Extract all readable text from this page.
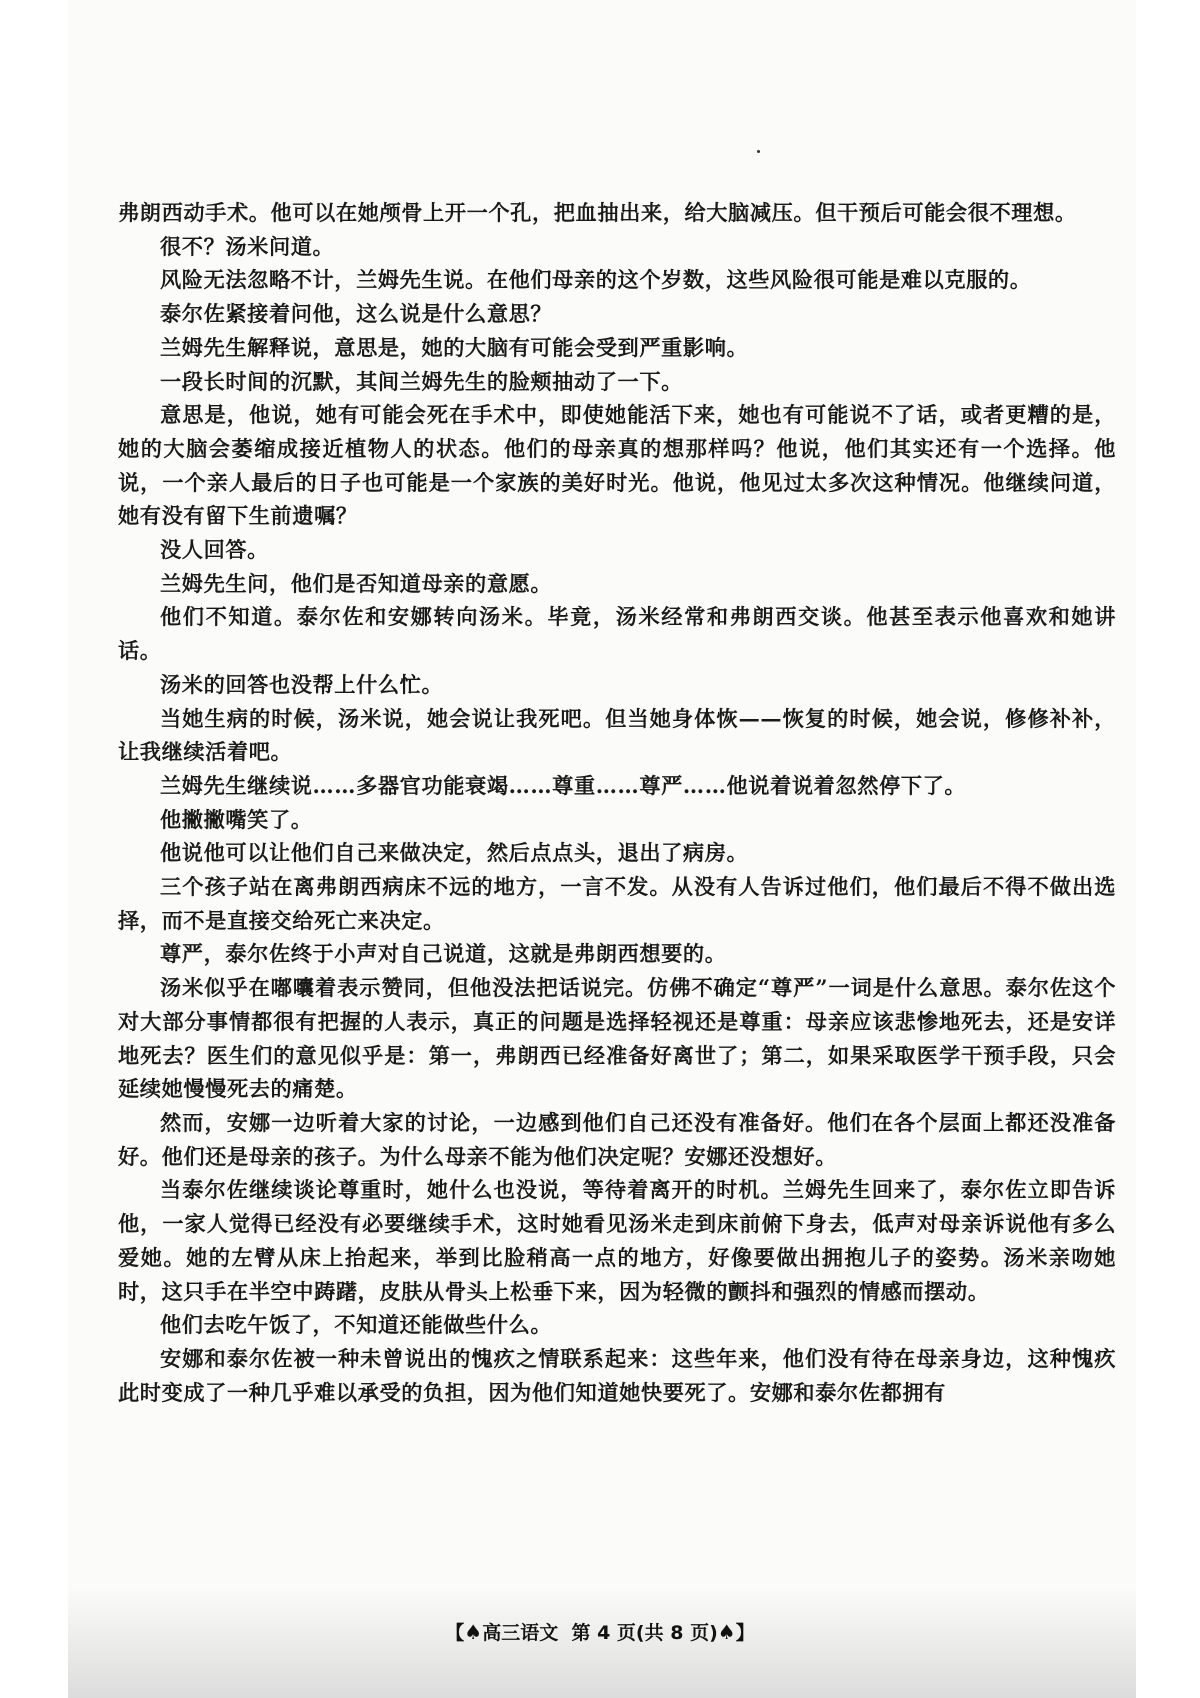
弗朗西动手术。他可以在她颅骨上开一个孔，把血抽出来，给大脑减压。但干预后可能会很不理想。

很不？汤米问道。

风险无法忽略不计，兰姆先生说。在他们母亲的这个岁数，这些风险很可能是难以克服的。

泰尔佐紧接着问他，这么说是什么意思？

兰姆先生解释说，意思是，她的大脑有可能会受到严重影响。

一段长时间的沉默，其间兰姆先生的脸颊抽动了一下。

意思是，他说，她有可能会死在手术中，即使她能活下来，她也有可能说不了话，或者更糟的是，她的大脑会萎缩成接近植物人的状态。他们的母亲真的想那样吗？他说，他们其实还有一个选择。他说，一个亲人最后的日子也可能是一个家族的美好时光。他说，他见过太多次这种情况。他继续问道，她有没有留下生前遗嘱？

没人回答。

兰姆先生问，他们是否知道母亲的意愿。

他们不知道。泰尔佐和安娜转向汤米。毕竟，汤米经常和弗朗西交谈。他甚至表示他喜欢和她讲话。

汤米的回答也没帮上什么忙。

当她生病的时候，汤米说，她会说让我死吧。但当她身体恢——恢复的时候，她会说，修修补补，让我继续活着吧。

兰姆先生继续说……多器官功能衰竭……尊重……尊严……他说着说着忽然停下了。

他撇撇嘴笑了。

他说他可以让他们自己来做决定，然后点点头，退出了病房。

三个孩子站在离弗朗西病床不远的地方，一言不发。从没有人告诉过他们，他们最后不得不做出选择，而不是直接交给死亡来决定。

尊严，泰尔佐终于小声对自己说道，这就是弗朗西想要的。

汤米似乎在嘟囔着表示赞同，但他没法把话说完。仿佛不确定“尊严”一词是什么意思。泰尔佐这个对大部分事情都很有把握的人表示，真正的问题是选择轻视还是尊重：母亲应该悲惨地死去，还是安详地死去？医生们的意见似乎是：第一，弗朗西已经准备好离世了；第二，如果采取医学干预手段，只会延续她慢慢死去的痛楚。

然而，安娜一边听着大家的讨论，一边感到他们自己还没有准备好。他们在各个层面上都还没准备好。他们还是母亲的孩子。为什么母亲不能为他们决定呢？安娜还没想好。

当泰尔佐继续谈论尊重时，她什么也没说，等待着离开的时机。兰姆先生回来了，泰尔佐立即告诉他，一家人觉得已经没有必要继续手术，这时她看见汤米走到床前俯下身去，低声对母亲诉说他有多么爱她。她的左臂从床上抬起来，举到比脸稍高一点的地方，好像要做出拥抱儿子的姿势。汤米亲吻她时，这只手在半空中踌躇，皮肤从骨头上松垂下来，因为轻微的颤抖和强烈的情感而摆动。

他们去吃午饭了，不知道还能做些什么。

安娜和泰尔佐被一种未曾说出的愧疚之情联系起来：这些年来，他们没有待在母亲身边，这种愧疚此时变成了一种几乎难以承受的负担，因为他们知道她快要死了。安娜和泰尔佐都拥有

【♠高三语文 第 4 页(共 8 页)♠】
